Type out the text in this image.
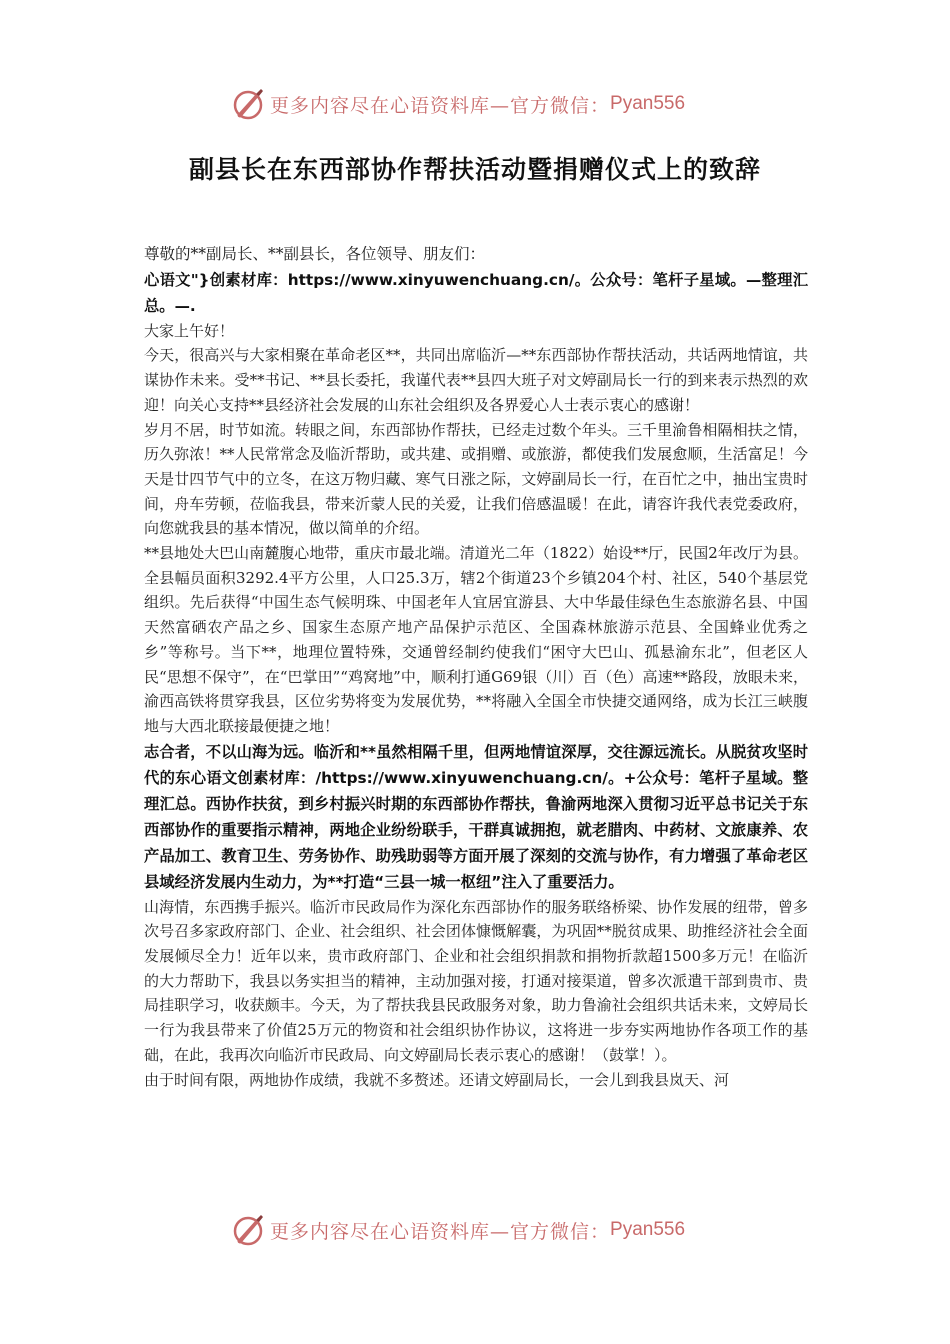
更多内容尽在心语资料库—官方微信： Pyan556
副县长在东西部协作帮扶活动暨捐赠仪式上的致辞

尊敬的**副局长、**副县长，各位领导、朋友们：

心语文"}创素材库：https://www.xinyuwenchuang.cn/。公众号：笔杆子星域。—整理汇总。—.

大家上午好！

今天，很高兴与大家相聚在革命老区**，共同出席临沂—**东西部协作帮扶活动，共话两地情谊，共谋协作未来。受**书记、**县长委托，我谨代表**县四大班子对文婷副局长一行的到来表示热烈的欢迎！向关心支持**县经济社会发展的山东社会组织及各界爱心人士表示衷心的感谢！

岁月不居，时节如流。转眼之间，东西部协作帮扶，已经走过数个年头。三千里渝鲁相隔相扶之情，历久弥浓！**人民常常念及临沂帮助，或共建、或捐赠、或旅游，都使我们发展愈顺，生活富足！今天是廿四节气中的立冬，在这万物归藏、寒气日涨之际，文婷副局长一行，在百忙之中，抽出宝贵时间，舟车劳顿，莅临我县，带来沂蒙人民的关爱，让我们倍感温暖！在此，请容许我代表党委政府，向您就我县的基本情况，做以简单的介绍。

**县地处大巴山南麓腹心地带，重庆市最北端。清道光二年（1822）始设**厅，民国2年改厅为县。全县幅员面积3292.4平方公里，人口25.3万，辖2个街道23个乡镇204个村、社区，540个基层党组织。先后获得“中国生态气候明珠、中国老年人宜居宜游县、大中华最佳绿色生态旅游名县、中国天然富硒农产品之乡、国家生态原产地产品保护示范区、全国森林旅游示范县、全国蜂业优秀之乡”等称号。当下**，地理位置特殊，交通曾经制约使我们“困守大巴山、孤悬渝东北”，但老区人民“思想不保守”，在“巴掌田”“鸡窝地”中，顺利打通G69银（川）百（色）高速**路段，放眼未来，渝西高铁将贯穿我县，区位劣势将变为发展优势，**将融入全国全市快捷交通网络，成为长江三峡腹地与大西北联接最便捷之地！

志合者，不以山海为远。临沂和**虽然相隔千里，但两地情谊深厚，交往源远流长。从脱贫攻坚时代的东心语文创素材库：/https://www.xinyuwenchuang.cn/。+公众号：笔杆子星域。整理汇总。西协作扶贫，到乡村振兴时期的东西部协作帮扶，鲁渝两地深入贯彻习近平总书记关于东西部协作的重要指示精神，两地企业纷纷联手，干群真诚拥抱，就老腊肉、中药材、文旅康养、农产品加工、教育卫生、劳务协作、助残助弱等方面开展了深刻的交流与协作，有力增强了革命老区县域经济发展内生动力，为**打造“三县一城一枢纽”注入了重要活力。

山海情，东西携手振兴。临沂市民政局作为深化东西部协作的服务联络桥梁、协作发展的纽带，曾多次号召多家政府部门、企业、社会组织、社会团体慷慨解囊，为巩固**脱贫成果、助推经济社会全面发展倾尽全力！近年以来，贵市政府部门、企业和社会组织捐款和捐物折款超1500多万元！在临沂的大力帮助下，我县以务实担当的精神，主动加强对接，打通对接渠道，曾多次派遣干部到贵市、贵局挂职学习，收获颇丰。今天，为了帮扶我县民政服务对象，助力鲁渝社会组织共话未来，文婷局长一行为我县带来了价值25万元的物资和社会组织协作协议，这将进一步夯实两地协作各项工作的基础，在此，我再次向临沂市民政局、向文婷副局长表示衷心的感谢！（鼓掌！）。

由于时间有限，两地协作成绩，我就不多赘述。还请文婷副局长，一会儿到我县岚天、河

更多内容尽在心语资料库—官方微信： Pyan556
